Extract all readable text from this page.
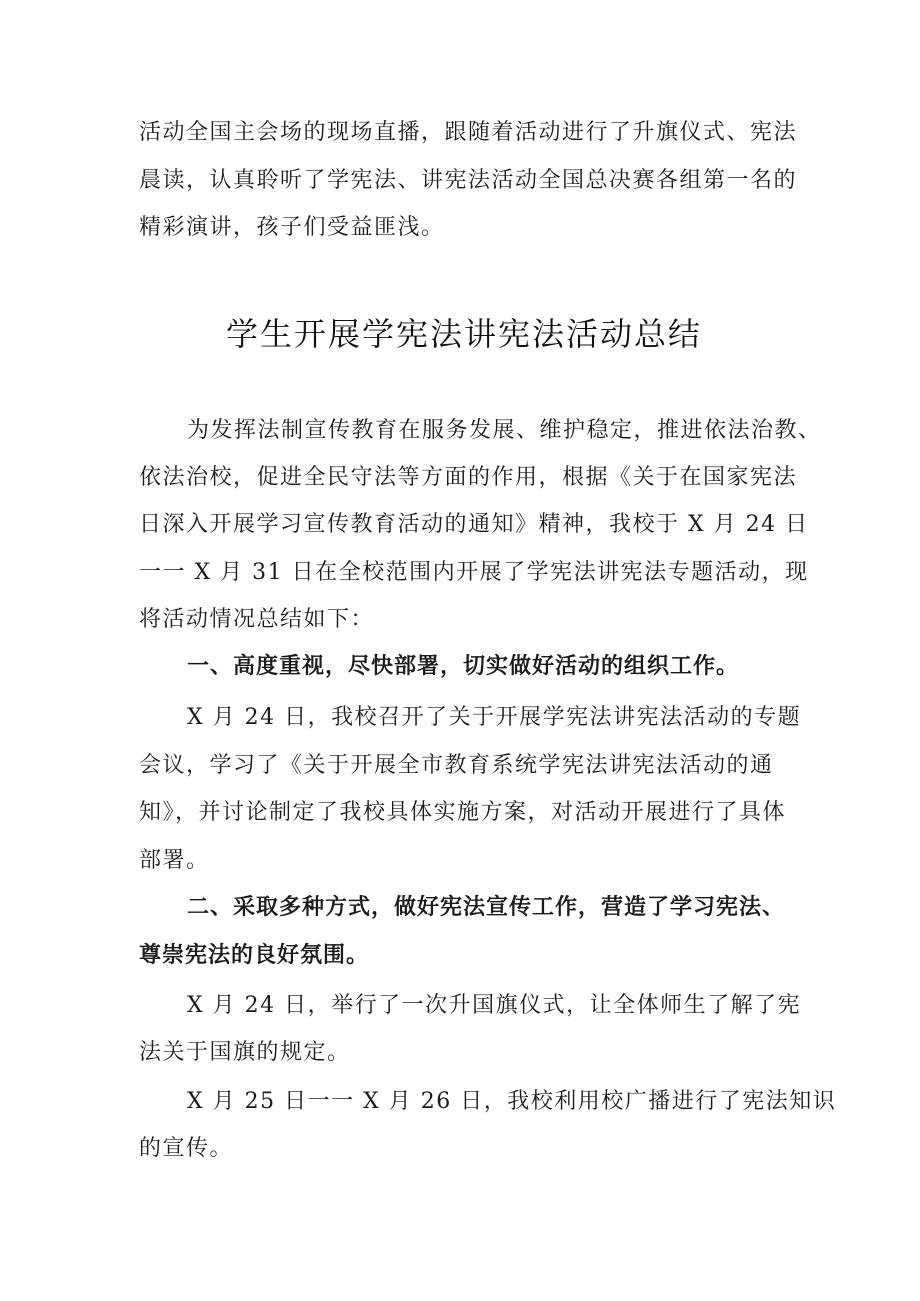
活动全国主会场的现场直播，跟随着活动进行了升旗仪式、宪法
晨读，认真聆听了学宪法、讲宪法活动全国总决赛各组第一名的
精彩演讲，孩子们受益匪浅。
学生开展学宪法讲宪法活动总结
为发挥法制宣传教育在服务发展、维护稳定，推进依法治教、
依法治校，促进全民守法等方面的作用，根据《关于在国家宪法
日深入开展学习宣传教育活动的通知》精神，我校于 X 月 24 日
一一 X 月 31 日在全校范围内开展了学宪法讲宪法专题活动，现
将活动情况总结如下：
一、高度重视，尽快部署，切实做好活动的组织工作。
X 月 24 日，我校召开了关于开展学宪法讲宪法活动的专题
会议，学习了《关于开展全市教育系统学宪法讲宪法活动的通
知》，并讨论制定了我校具体实施方案，对活动开展进行了具体
部署。
二、采取多种方式，做好宪法宣传工作，营造了学习宪法、
尊崇宪法的良好氛围。
X 月 24 日，举行了一次升国旗仪式，让全体师生了解了宪
法关于国旗的规定。
X 月 25 日一一 X 月 26 日，我校利用校广播进行了宪法知识
的宣传。
